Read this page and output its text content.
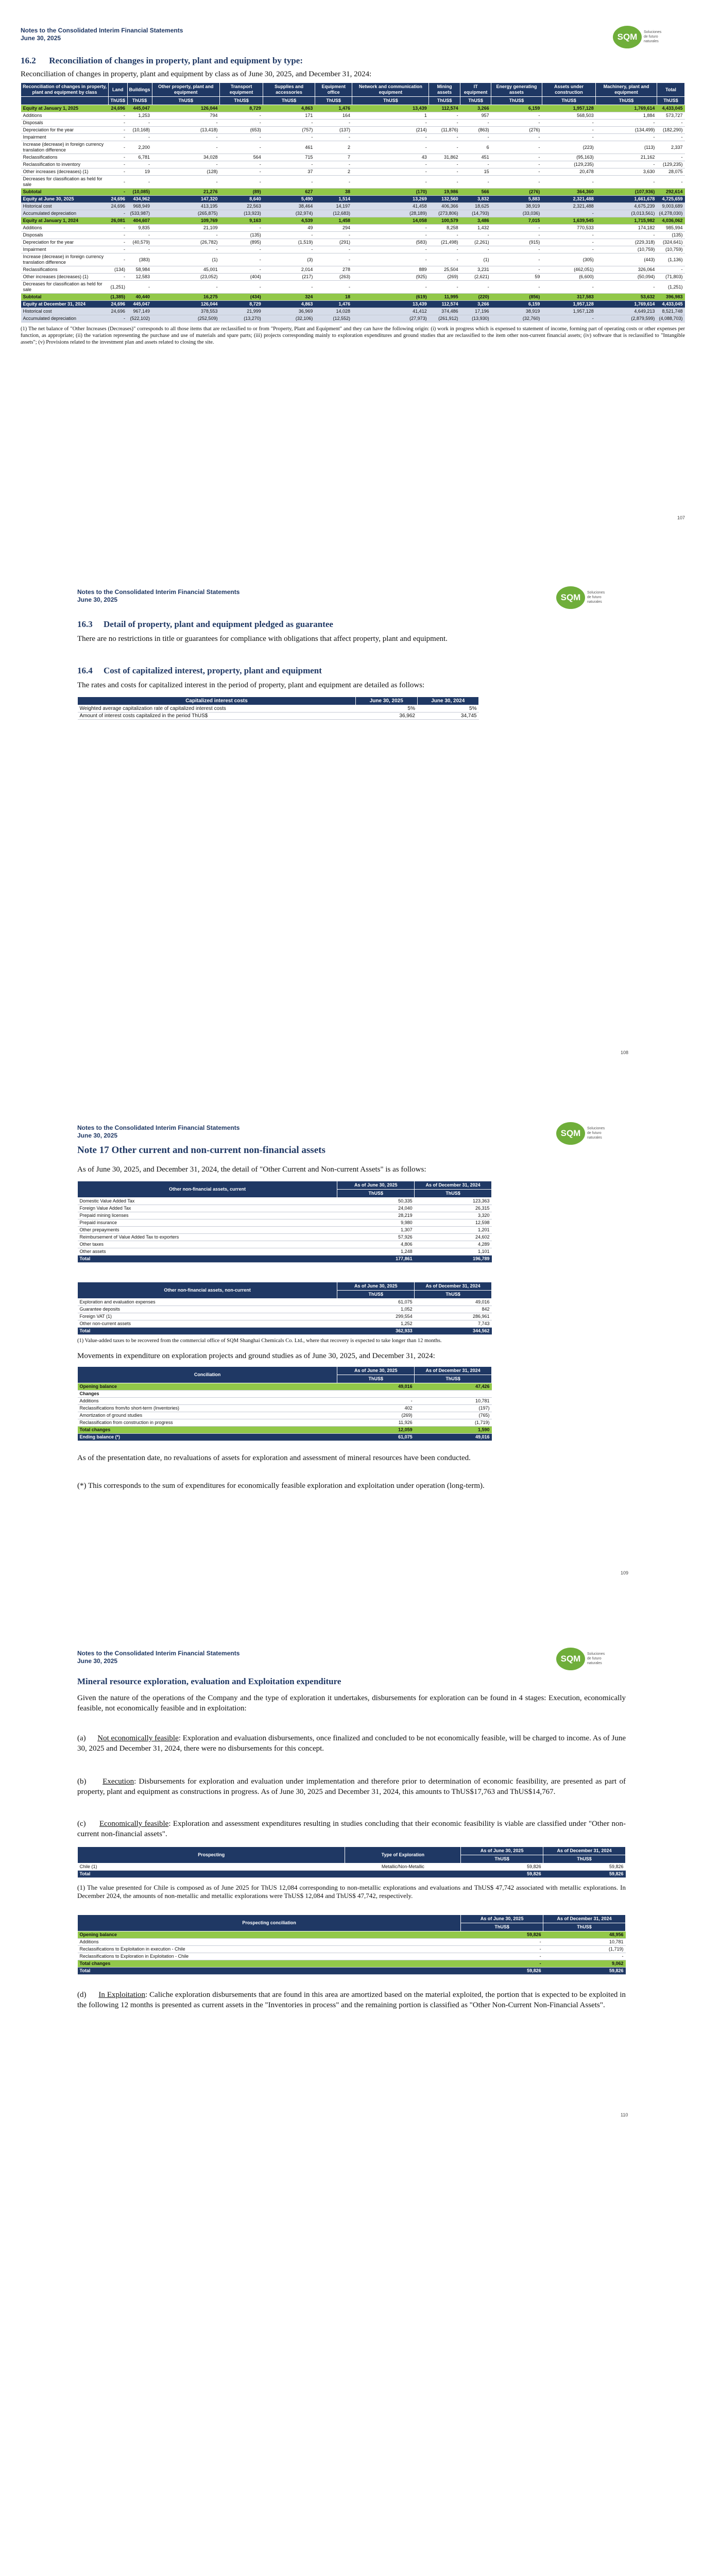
Notes to the Consolidated Interim Financial Statements
June 30, 2025	SQM	Soluciones
de futuro
naturales
16.2 Reconciliation of changes in property, plant and equipment by type:
Reconciliation of changes in property, plant and equipment by class as of June 30, 2025, and December 31, 2024:
Reconciliation of changes in property, plant and equipment by class	Land	Buildings	Other property, plant and equipment	Transport equipment	Supplies and accessories	Equipment office	Network and communication equipment	Mining assets	IT equipment	Energy generating assets	Assets under construction	Machinery, plant and equipment	Total
	ThUS$	ThUS$	ThUS$	ThUS$	ThUS$	ThUS$	ThUS$	ThUS$	ThUS$	ThUS$	ThUS$	ThUS$	ThUS$
Equity at January 1, 2025	24,696	445,047	126,044	8,729	4,863	1,476	13,439	112,574	3,266	6,159	1,957,128	1,769,614	4,433,045
Additions	-	1,253	794	-	171	164	1	-	957	-	568,503	1,884	573,727
Disposals	-	-	-	-	-	-	-	-	-	-	-	-	-
Depreciation for the year	-	(10,168)	(13,418)	(653)	(757)	(137)	(214)	(11,876)	(863)	(276)	-	(134,499)	(182,290)
Impairment	-	-	-	-	-	-	-	-	-	-	-	-	-
Increase (decrease) in foreign currency translation difference	-	2,200	-	-	461	2	-	-	6	-	(223)	(113)	2,337
Reclassifications	-	6,781	34,028	564	715	7	43	31,862	451	-	(95,163)	21,162	-
Reclassification to inventory	-	-	-	-	-	-	-	-	-	-	(129,235)	-	(129,235)
Other increases (decreases) (1)	-	19	(128)	-	37	2	-	-	15	-	20,478	3,630	28,075
Decreases for classification as held for sale	-	-	-	-	-	-	-	-	-	-	-	-	-
Subtotal	-	(10,085)	21,276	(89)	627	38	(170)	19,986	566	(276)	364,360	(107,936)	292,614
Equity at June 30, 2025	24,696	434,962	147,320	8,640	5,490	1,514	13,269	132,560	3,832	5,883	2,321,488	1,661,678	4,725,659
Historical cost	24,696	968,949	413,195	22,563	38,464	14,197	41,458	406,366	18,625	38,919	2,321,488	4,675,239	9,003,689
Accumulated depreciation	-	(533,987)	(265,875)	(13,923)	(32,974)	(12,683)	(28,189)	(273,806)	(14,793)	(33,036)	-	(3,013,561)	(4,278,030)
Equity at January 1, 2024	26,081	404,607	109,769	9,163	4,539	1,458	14,058	100,579	3,486	7,015	1,639,545	1,715,982	4,036,062
Additions	-	9,835	21,109	-	49	294	-	8,258	1,432	-	770,533	174,182	985,994
Disposals	-	-	-	(135)	-	-	-	-	-	-	-	-	(135)
Depreciation for the year	-	(40,579)	(26,782)	(895)	(1,519)	(291)	(583)	(21,498)	(2,261)	(915)	-	(229,318)	(324,641)
Impairment	-	-	-	-	-	-	-	-	-	-	-	(10,759)	(10,759)
Increase (decrease) in foreign currency translation difference	-	(383)	(1)	-	(3)	-	-	-	(1)	-	(305)	(443)	(1,136)
Reclassifications	(134)	58,984	45,001	-	2,014	278	889	25,504	3,231	-	(462,051)	326,064	-
Other increases (decreases) (1)	-	12,583	(23,052)	(404)	(217)	(263)	(925)	(269)	(2,621)	59	(6,600)	(50,094)	(71,803)
Decreases for classification as held for sale	(1,251)	-	-	-	-	-	-	-	-	-	-	-	(1,251)
Subtotal	(1,385)	40,440	16,275	(434)	324	18	(619)	11,995	(220)	(856)	317,583	53,632	396,983
Equity at December 31, 2024	24,696	445,047	126,044	8,729	4,863	1,476	13,439	112,574	3,266	6,159	1,957,128	1,769,614	4,433,045
Historical cost	24,696	967,149	378,553	21,999	36,969	14,028	41,412	374,486	17,196	38,919	1,957,128	4,649,213	8,521,748
Accumulated depreciation	-	(522,102)	(252,509)	(13,270)	(32,106)	(12,552)	(27,973)	(261,912)	(13,930)	(32,760)	-	(2,879,599)	(4,088,703)
(1) The net balance of "Other Increases (Decreases)" corresponds to all those items that are reclassified to or from "Property, Plant and Equipment" and they can have the following origin: (i) work in progress which is expensed to statement of income, forming part of operating costs or other expenses per function, as appropriate; (ii) the variation representing the purchase and use of materials and spare parts; (iii) projects corresponding mainly to exploration expenditures and ground studies that are reclassified to the item other non-current financial assets; (iv) software that is reclassified to "Intangible assets"; (v) Provisions related to the investment plan and assets related to closing the site.
107
Notes to the Consolidated Interim Financial Statements
June 30, 2025	SQM	Soluciones
de futuro
naturales
16.3 Detail of property, plant and equipment pledged as guarantee
There are no restrictions in title or guarantees for compliance with obligations that affect property, plant and equipment.
16.4 Cost of capitalized interest, property, plant and equipment
The rates and costs for capitalized interest in the period of property, plant and equipment are detailed as follows:
Capitalized interest costs	June 30, 2025	June 30, 2024
Weighted average capitalization rate of capitalized interest costs	5%	5%
Amount of interest costs capitalized in the period ThUS$	36,962	34,745
108
Notes to the Consolidated Interim Financial Statements
June 30, 2025	SQM	Soluciones
de futuro
naturales
Note 17 Other current and non-current non-financial assets
As of June 30, 2025, and December 31, 2024, the detail of "Other Current and Non-current Assets" is as follows:
Other non-financial assets, current	As of June 30, 2025	As of December 31, 2024
	ThUS$	ThUS$
Domestic Value Added Tax	50,335	123,363
Foreign Value Added Tax	24,040	26,315
Prepaid mining licenses	28,219	3,320
Prepaid insurance	9,980	12,598
Other prepayments	1,307	1,201
Reimbursement of Value Added Tax to exporters	57,926	24,602
Other taxes	4,806	4,289
Other assets	1,248	1,101
Total	177,861	196,789
Other non-financial assets, non-current	As of June 30, 2025	As of December 31, 2024
	ThUS$	ThUS$
Exploration and evaluation expenses	61,075	49,016
Guarantee deposits	1,052	842
Foreign VAT (1)	299,554	286,961
Other non-current assets	1,252	7,743
Total	362,933	344,562
(1) Value-added taxes to be recovered from the commercial office of SQM Shanghai Chemicals Co. Ltd., where that recovery is expected to take longer than 12 months.
Movements in expenditure on exploration projects and ground studies as of June 30, 2025, and December 31, 2024:
Conciliation	As of June 30, 2025	As of December 31, 2024
	ThUS$	ThUS$
Opening balance	49,016	47,426
Changes		
Additions	-	10,781
Reclassifications from/to short-term (Inventories)	402	(197)
Amortization of ground studies	(269)	(765)
Reclassification from construction in progress	11,926	(1,719)
Total changes	12,059	1,590
Ending balance (*)	61,075	49,016
As of the presentation date, no revaluations of assets for exploration and assessment of mineral resources have been conducted.
(*) This corresponds to the sum of expenditures for economically feasible exploration and exploitation under operation (long-term).
109
Notes to the Consolidated Interim Financial Statements
June 30, 2025	SQM	Soluciones
de futuro
naturales
Mineral resource exploration, evaluation and Exploitation expenditure
Given the nature of the operations of the Company and the type of exploration it undertakes, disbursements for exploration can be found in 4 stages: Execution, economically feasible, not economically feasible and in exploitation:
(a) Not economically feasible: Exploration and evaluation disbursements, once finalized and concluded to be not economically feasible, will be charged to income. As of June 30, 2025 and December 31, 2024, there were no disbursements for this concept.
(b) Execution: Disbursements for exploration and evaluation under implementation and therefore prior to determination of economic feasibility, are presented as part of property, plant and equipment as constructions in progress. As of June 30, 2025 and December 31, 2024, this amounts to ThUS$17,763 and ThUS$14,767.
(c) Economically feasible: Exploration and assessment expenditures resulting in studies concluding that their economic feasibility is viable are classified under "Other non-current non-financial assets".
Prospecting	Type of Exploration	As of June 30, 2025	As of December 31, 2024
		ThUS$	ThUS$
Chile (1)	Metallic/Non-Metallic	59,826	59,826
Total		59,826	59,826
(1) The value presented for Chile is composed as of June 2025 for ThUS 12,084 corresponding to non-metallic explorations and evaluations and ThUS$ 47,742 associated with metallic explorations. In December 2024, the amounts of non-metallic and metallic explorations were ThUS$ 12,084 and ThUS$ 47,742, respectively.
Prospecting conciliation	As of June 30, 2025	As of December 31, 2024
	ThUS$	ThUS$
Opening balance	59,826	48,956
Additions	-	10,781
Reclassifications to Exploitation in execution - Chile	-	(1,719)
Reclassifications to Exploration in Exploitation - Chile	-	-
Total changes	-	9,062
Total	59,826	59,826
(d) In Exploitation: Caliche exploration disbursements that are found in this area are amortized based on the material exploited, the portion that is expected to be exploited in the following 12 months is presented as current assets in the "Inventories in process" and the remaining portion is classified as "Other Non-Current Non-Financial Assets".
110
